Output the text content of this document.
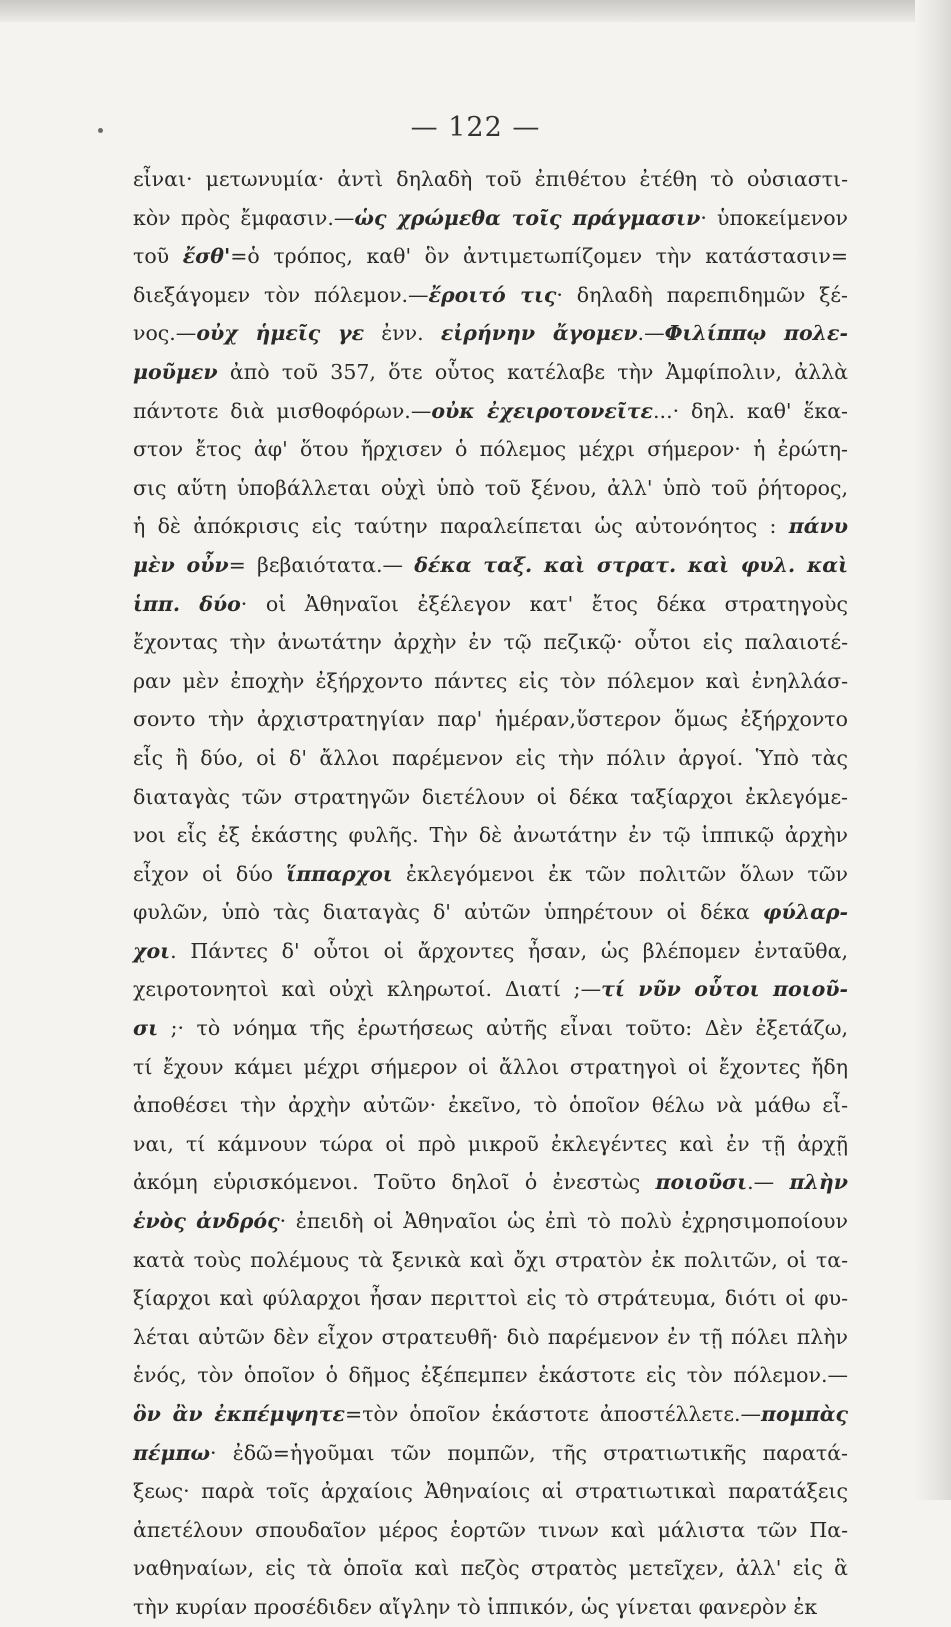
— 122 —
εἶναι· μετωνυμία· ἀντὶ δηλαδὴ τοῦ ἐπιθέτου ἐτέθη τὸ οὐσιαστι-
κὸν πρὸς ἔμφασιν.—ὡς χρώμεθα τοῖς πράγμασιν· ὑποκείμενον
τοῦ ἔσθ'=ὁ τρόπος, καθ' ὃν ἀντιμετωπίζομεν τὴν κατάστασιν=
διεξάγομεν τὸν πόλεμον.—ἔροιτό τις· δηλαδὴ παρεπιδημῶν ξέ-
νος.—οὐχ ἡμεῖς γε ἐνν. εἰρήνην ἄγομεν.—Φιλίππῳ πολε-
μοῦμεν ἀπὸ τοῦ 357, ὅτε οὗτος κατέλαβε τὴν Ἀμφίπολιν, ἀλλὰ
πάντοτε διὰ μισθοφόρων.—οὐκ ἐχειροτονεῖτε...· δηλ. καθ' ἕκα-
στον ἔτος ἀφ' ὅτου ἤρχισεν ὁ πόλεμος μέχρι σήμερον· ἡ ἐρώτη-
σις αὕτη ὑποβάλλεται οὐχὶ ὑπὸ τοῦ ξένου, ἀλλ' ὑπὸ τοῦ ῥήτορος,
ἡ δὲ ἀπόκρισις εἰς ταύτην παραλείπεται ὡς αὐτονόητος : πάνυ
μὲν οὖν= βεβαιότατα.— δέκα ταξ. καὶ στρατ. καὶ φυλ. καὶ
ἱππ. δύο· οἱ Ἀθηναῖοι ἐξέλεγον κατ' ἔτος δέκα στρατηγοὺς
ἔχοντας τὴν ἀνωτάτην ἀρχὴν ἐν τῷ πεζικῷ· οὗτοι εἰς παλαιοτέ-
ραν μὲν ἐποχὴν ἐξήρχοντο πάντες εἰς τὸν πόλεμον καὶ ἐνηλλάσ-
σοντο τὴν ἀρχιστρατηγίαν παρ' ἡμέραν,ὕστερον ὅμως ἐξήρχοντο
εἷς ἢ δύο, οἱ δ' ἄλλοι παρέμενον εἰς τὴν πόλιν ἀργοί. Ὑπὸ τὰς
διαταγὰς τῶν στρατηγῶν διετέλουν οἱ δέκα ταξίαρχοι ἐκλεγόμε-
νοι εἷς ἐξ ἑκάστης φυλῆς. Τὴν δὲ ἀνωτάτην ἐν τῷ ἱππικῷ ἀρχὴν
εἶχον οἱ δύο ἵππαρχοι ἐκλεγόμενοι ἐκ τῶν πολιτῶν ὅλων τῶν
φυλῶν, ὑπὸ τὰς διαταγὰς δ' αὐτῶν ὑπηρέτουν οἱ δέκα φύλαρ-
χοι. Πάντες δ' οὗτοι οἱ ἄρχοντες ἦσαν, ὡς βλέπομεν ἐνταῦθα,
χειροτονητοὶ καὶ οὐχὶ κληρωτοί. Διατί ;—τί νῦν οὗτοι ποιοῦ-
σι ;· τὸ νόημα τῆς ἐρωτήσεως αὐτῆς εἶναι τοῦτο: Δὲν ἐξετάζω,
τί ἔχουν κάμει μέχρι σήμερον οἱ ἄλλοι στρατηγοὶ οἱ ἔχοντες ἤδη
ἀποθέσει τὴν ἀρχὴν αὐτῶν· ἐκεῖνο, τὸ ὁποῖον θέλω νὰ μάθω εἶ-
ναι, τί κάμνουν τώρα οἱ πρὸ μικροῦ ἐκλεγέντες καὶ ἐν τῇ ἀρχῇ
ἀκόμη εὑρισκόμενοι. Τοῦτο δηλοῖ ὁ ἐνεστὼς ποιοῦσι.— πλὴν
ἑνὸς ἀνδρός· ἐπειδὴ οἱ Ἀθηναῖοι ὡς ἐπὶ τὸ πολὺ ἐχρησιμοποίουν
κατὰ τοὺς πολέμους τὰ ξενικὰ καὶ ὄχι στρατὸν ἐκ πολιτῶν, οἱ τα-
ξίαρχοι καὶ φύλαρχοι ἦσαν περιττοὶ εἰς τὸ στράτευμα, διότι οἱ φυ-
λέται αὐτῶν δὲν εἶχον στρατευθῆ· διὸ παρέμενον ἐν τῇ πόλει πλὴν
ἑνός, τὸν ὁποῖον ὁ δῆμος ἐξέπεμπεν ἑκάστοτε εἰς τὸν πόλεμον.—
ὃν ἂν ἐκπέμψητε=τὸν ὁποῖον ἑκάστοτε ἀποστέλλετε.—πομπὰς
πέμπω· ἐδῶ=ἡγοῦμαι τῶν πομπῶν, τῆς στρατιωτικῆς παρατά-
ξεως· παρὰ τοῖς ἀρχαίοις Ἀθηναίοις αἱ στρατιωτικαὶ παρατάξεις
ἀπετέλουν σπουδαῖον μέρος ἑορτῶν τινων καὶ μάλιστα τῶν Πα-
ναθηναίων, εἰς τὰ ὁποῖα καὶ πεζὸς στρατὸς μετεῖχεν, ἀλλ' εἰς ἃ
τὴν κυρίαν προσέδιδεν αἴγλην τὸ ἱππικόν, ὡς γίνεται φανερὸν ἐκ
